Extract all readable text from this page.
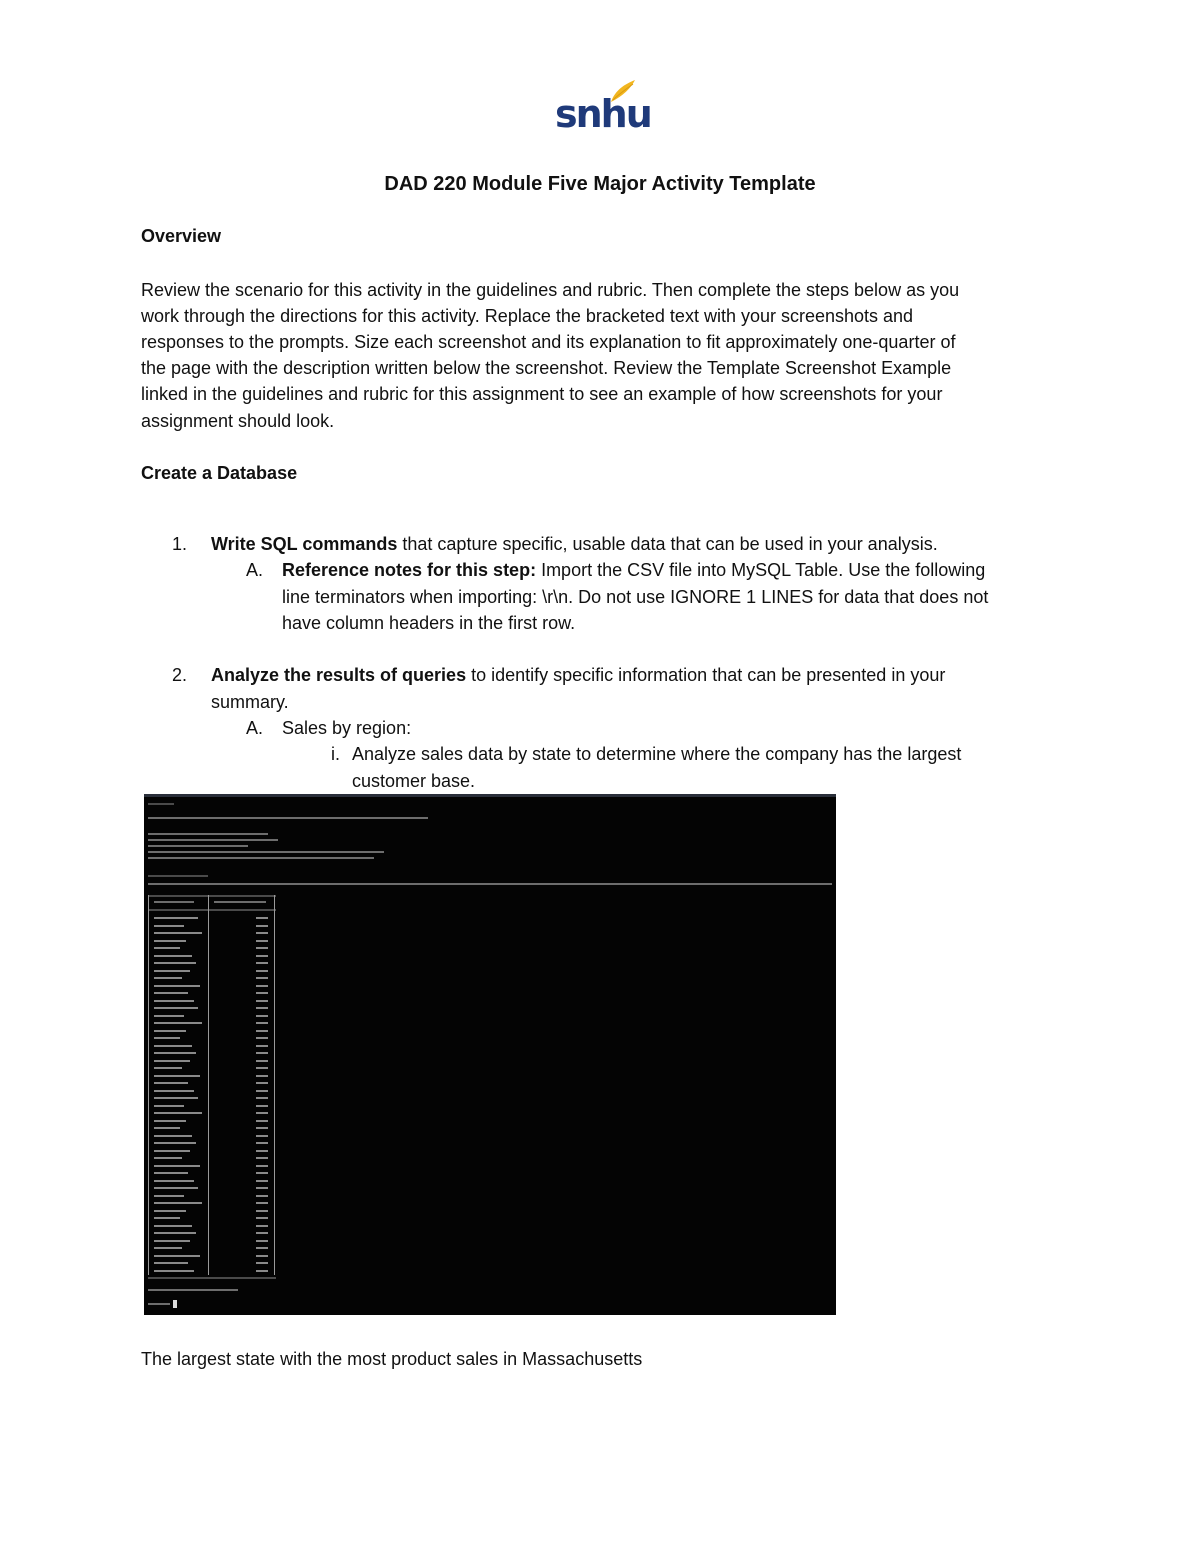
snhu
DAD 220 Module Five Major Activity Template
Overview
Review the scenario for this activity in the guidelines and rubric. Then complete the steps below as you
work through the directions for this activity. Replace the bracketed text with your screenshots and
responses to the prompts. Size each screenshot and its explanation to fit approximately one-quarter of
the page with the description written below the screenshot. Review the Template Screenshot Example
linked in the guidelines and rubric for this assignment to see an example of how screenshots for your
assignment should look.
Create a Database
1. Write SQL commands that capture specific, usable data that can be used in your analysis.
A. Reference notes for this step: Import the CSV file into MySQL Table. Use the following
line terminators when importing: \r\n. Do not use IGNORE 1 LINES for data that does not
have column headers in the first row.
2. Analyze the results of queries to identify specific information that can be presented in your
summary.
A. Sales by region:
i. Analyze sales data by state to determine where the company has the largest
customer base.
The largest state with the most product sales in Massachusetts
